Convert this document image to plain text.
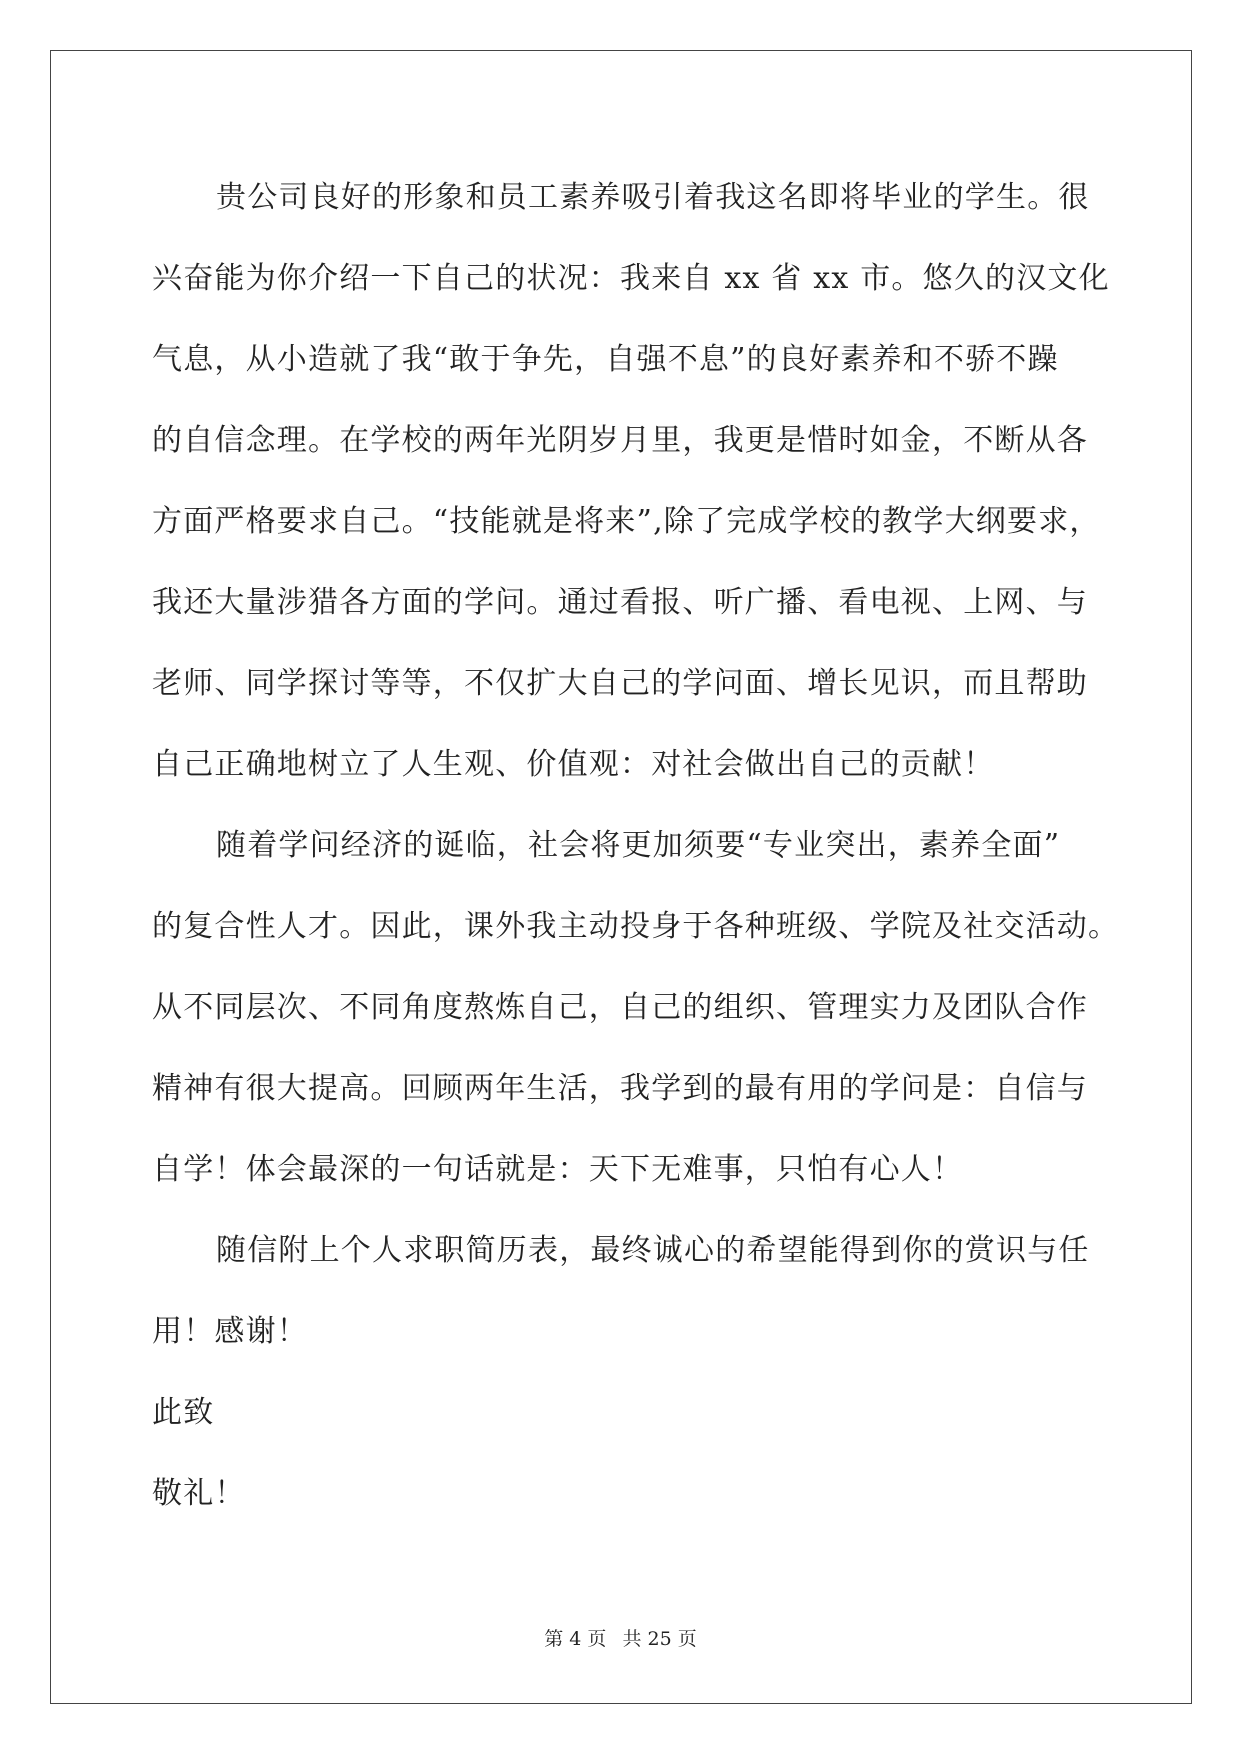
贵公司良好的形象和员工素养吸引着我这名即将毕业的学生。很
兴奋能为你介绍一下自己的状况：我来自 xx 省 xx 市。悠久的汉文化
气息，从小造就了我“敢于争先，自强不息”的良好素养和不骄不躁
的自信念理。在学校的两年光阴岁月里，我更是惜时如金，不断从各
方面严格要求自己。“技能就是将来”,除了完成学校的教学大纲要求，
我还大量涉猎各方面的学问。通过看报、听广播、看电视、上网、与
老师、同学探讨等等，不仅扩大自己的学问面、增长见识，而且帮助
自己正确地树立了人生观、价值观：对社会做出自己的贡献！
随着学问经济的诞临，社会将更加须要“专业突出，素养全面”
的复合性人才。因此，课外我主动投身于各种班级、学院及社交活动。
从不同层次、不同角度熬炼自己，自己的组织、管理实力及团队合作
精神有很大提高。回顾两年生活，我学到的最有用的学问是：自信与
自学！体会最深的一句话就是：天下无难事，只怕有心人！
随信附上个人求职简历表，最终诚心的希望能得到你的赏识与任
用！感谢！
此致
敬礼！
第 4 页 共 25 页
